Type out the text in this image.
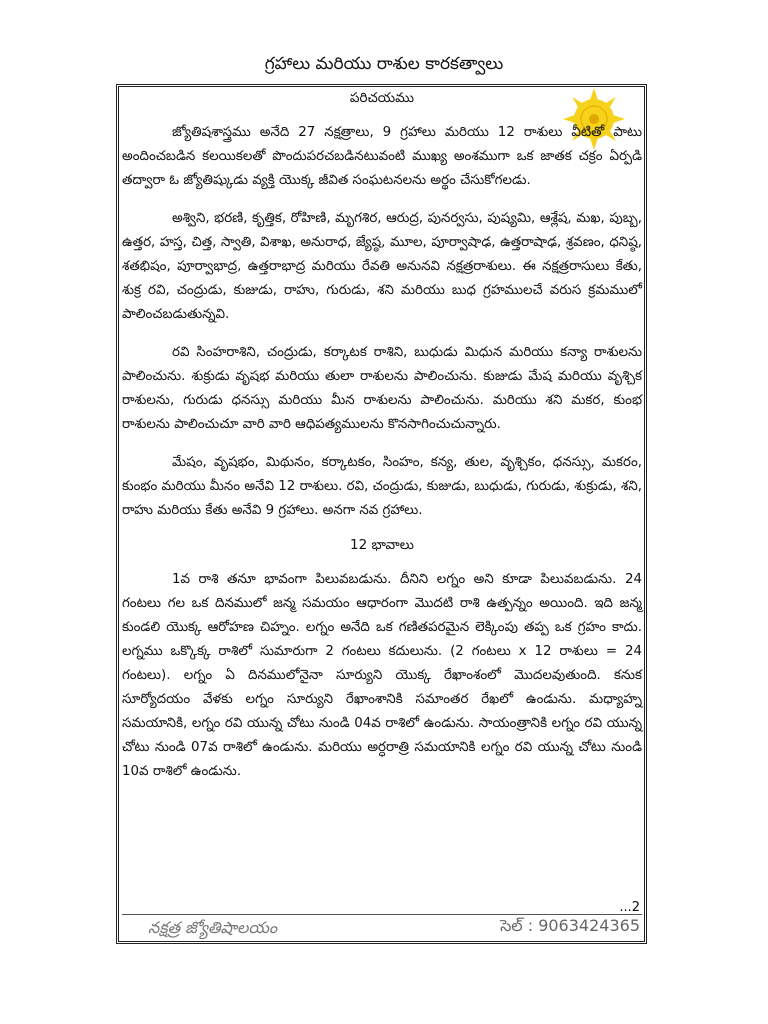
గ్రహాలు మరియు రాశుల కారకత్వాలు
పరిచయము

జ్యోతిషశాస్త్రము అనేది 27 నక్షత్రాలు, 9 గ్రహాలు మరియు 12 రాశులు వీటితో పాటు అందించబడిన కలయికలతో పొందుపరచబడినటువంటి ముఖ్య అంశముగా ఒక జాతక చక్రం ఏర్పడి తద్వారా ఓ జ్యోతిష్కుడు వ్యక్తి యొక్క జీవిత సంఘటనలను అర్థం చేసుకోగలడు.

అశ్విని, భరణి, కృత్తిక, రోహిణి, మృగశిర, ఆరుద్ర, పునర్వసు, పుష్యమి, ఆశ్లేష, మఖ, పుబ్బ, ఉత్తర, హస్త, చిత్త, స్వాతి, విశాఖ, అనురాధ, జ్యేష్ఠ, మూల, పూర్వాషాఢ, ఉత్తరాషాఢ, శ్రవణం, ధనిష్ఠ, శతభిషం, పూర్వాభాద్ర, ఉత్తరాభాద్ర మరియు రేవతి అనునవి నక్షత్రరాశులు. ఈ నక్షత్రరాసులు కేతు, శుక్ర రవి, చంద్రుడు, కుజుడు, రాహు, గురుడు, శని మరియు బుధ గ్రహములచే వరుస క్రమములో పాలించబడుతున్నవి.

రవి సింహరాశిని, చంద్రుడు, కర్కాటక రాశిని, బుధుడు మిధున మరియు కన్యా రాశులను పాలించును. శుక్రుడు వృషభ మరియు తులా రాశులను పాలించును. కుజుడు మేష మరియు వృశ్చిక రాశులను, గురుడు ధనస్సు మరియు మీన రాశులను పాలించును. మరియు శని మకర, కుంభ రాశులను పాలించుచూ వారి వారి ఆధిపత్యములను కొనసాగించుచున్నారు.

మేషం, వృషభం, మిథునం, కర్కాటకం, సింహం, కన్య, తుల, వృశ్చికం, ధనస్సు, మకరం, కుంభం మరియు మీనం అనేవి 12 రాశులు. రవి, చంద్రుడు, కుజుడు, బుధుడు, గురుడు, శుక్రుడు, శని, రాహు మరియు కేతు అనేవి 9 గ్రహాలు. అనగా నవ గ్రహాలు.

12 భావాలు

1వ రాశి తనూ భావంగా పిలువబడును. దీనిని లగ్నం అని కూడా పిలువబడును. 24 గంటలు గల ఒక దినములో జన్మ సమయం ఆధారంగా మొదటి రాశి ఉత్పన్నం అయింది. ఇది జన్మ కుండలి యొక్క ఆరోహణ చిహ్నం. లగ్నం అనేది ఒక గణితపరమైన లెక్కింపు తప్ప ఒక గ్రహం కాదు. లగ్నము ఒక్కొక్క రాశిలో సుమారుగా 2 గంటలు కదులును. (2 గంటలు x 12 రాశులు = 24 గంటలు). లగ్నం ఏ దినములోనైనా సూర్యుని యొక్క రేఖాంశంలో మొదలవుతుంది. కనుక సూర్యోదయం వేళకు లగ్నం సూర్యుని రేఖాంశానికి సమాంతర రేఖలో ఉండును. మధ్యాహ్న సమయానికి, లగ్నం రవి యున్న చోటు నుండి 04వ రాశిలో ఉండును. సాయంత్రానికి లగ్నం రవి యున్న చోటు నుండి 07వ రాశిలో ఉండును. మరియు అర్ధరాత్రి సమయానికి లగ్నం రవి యున్న చోటు నుండి 10వ రాశిలో ఉండును.

...2
నక్షత్ర జ్యోతిషాలయం	సెల్ : 9063424365
